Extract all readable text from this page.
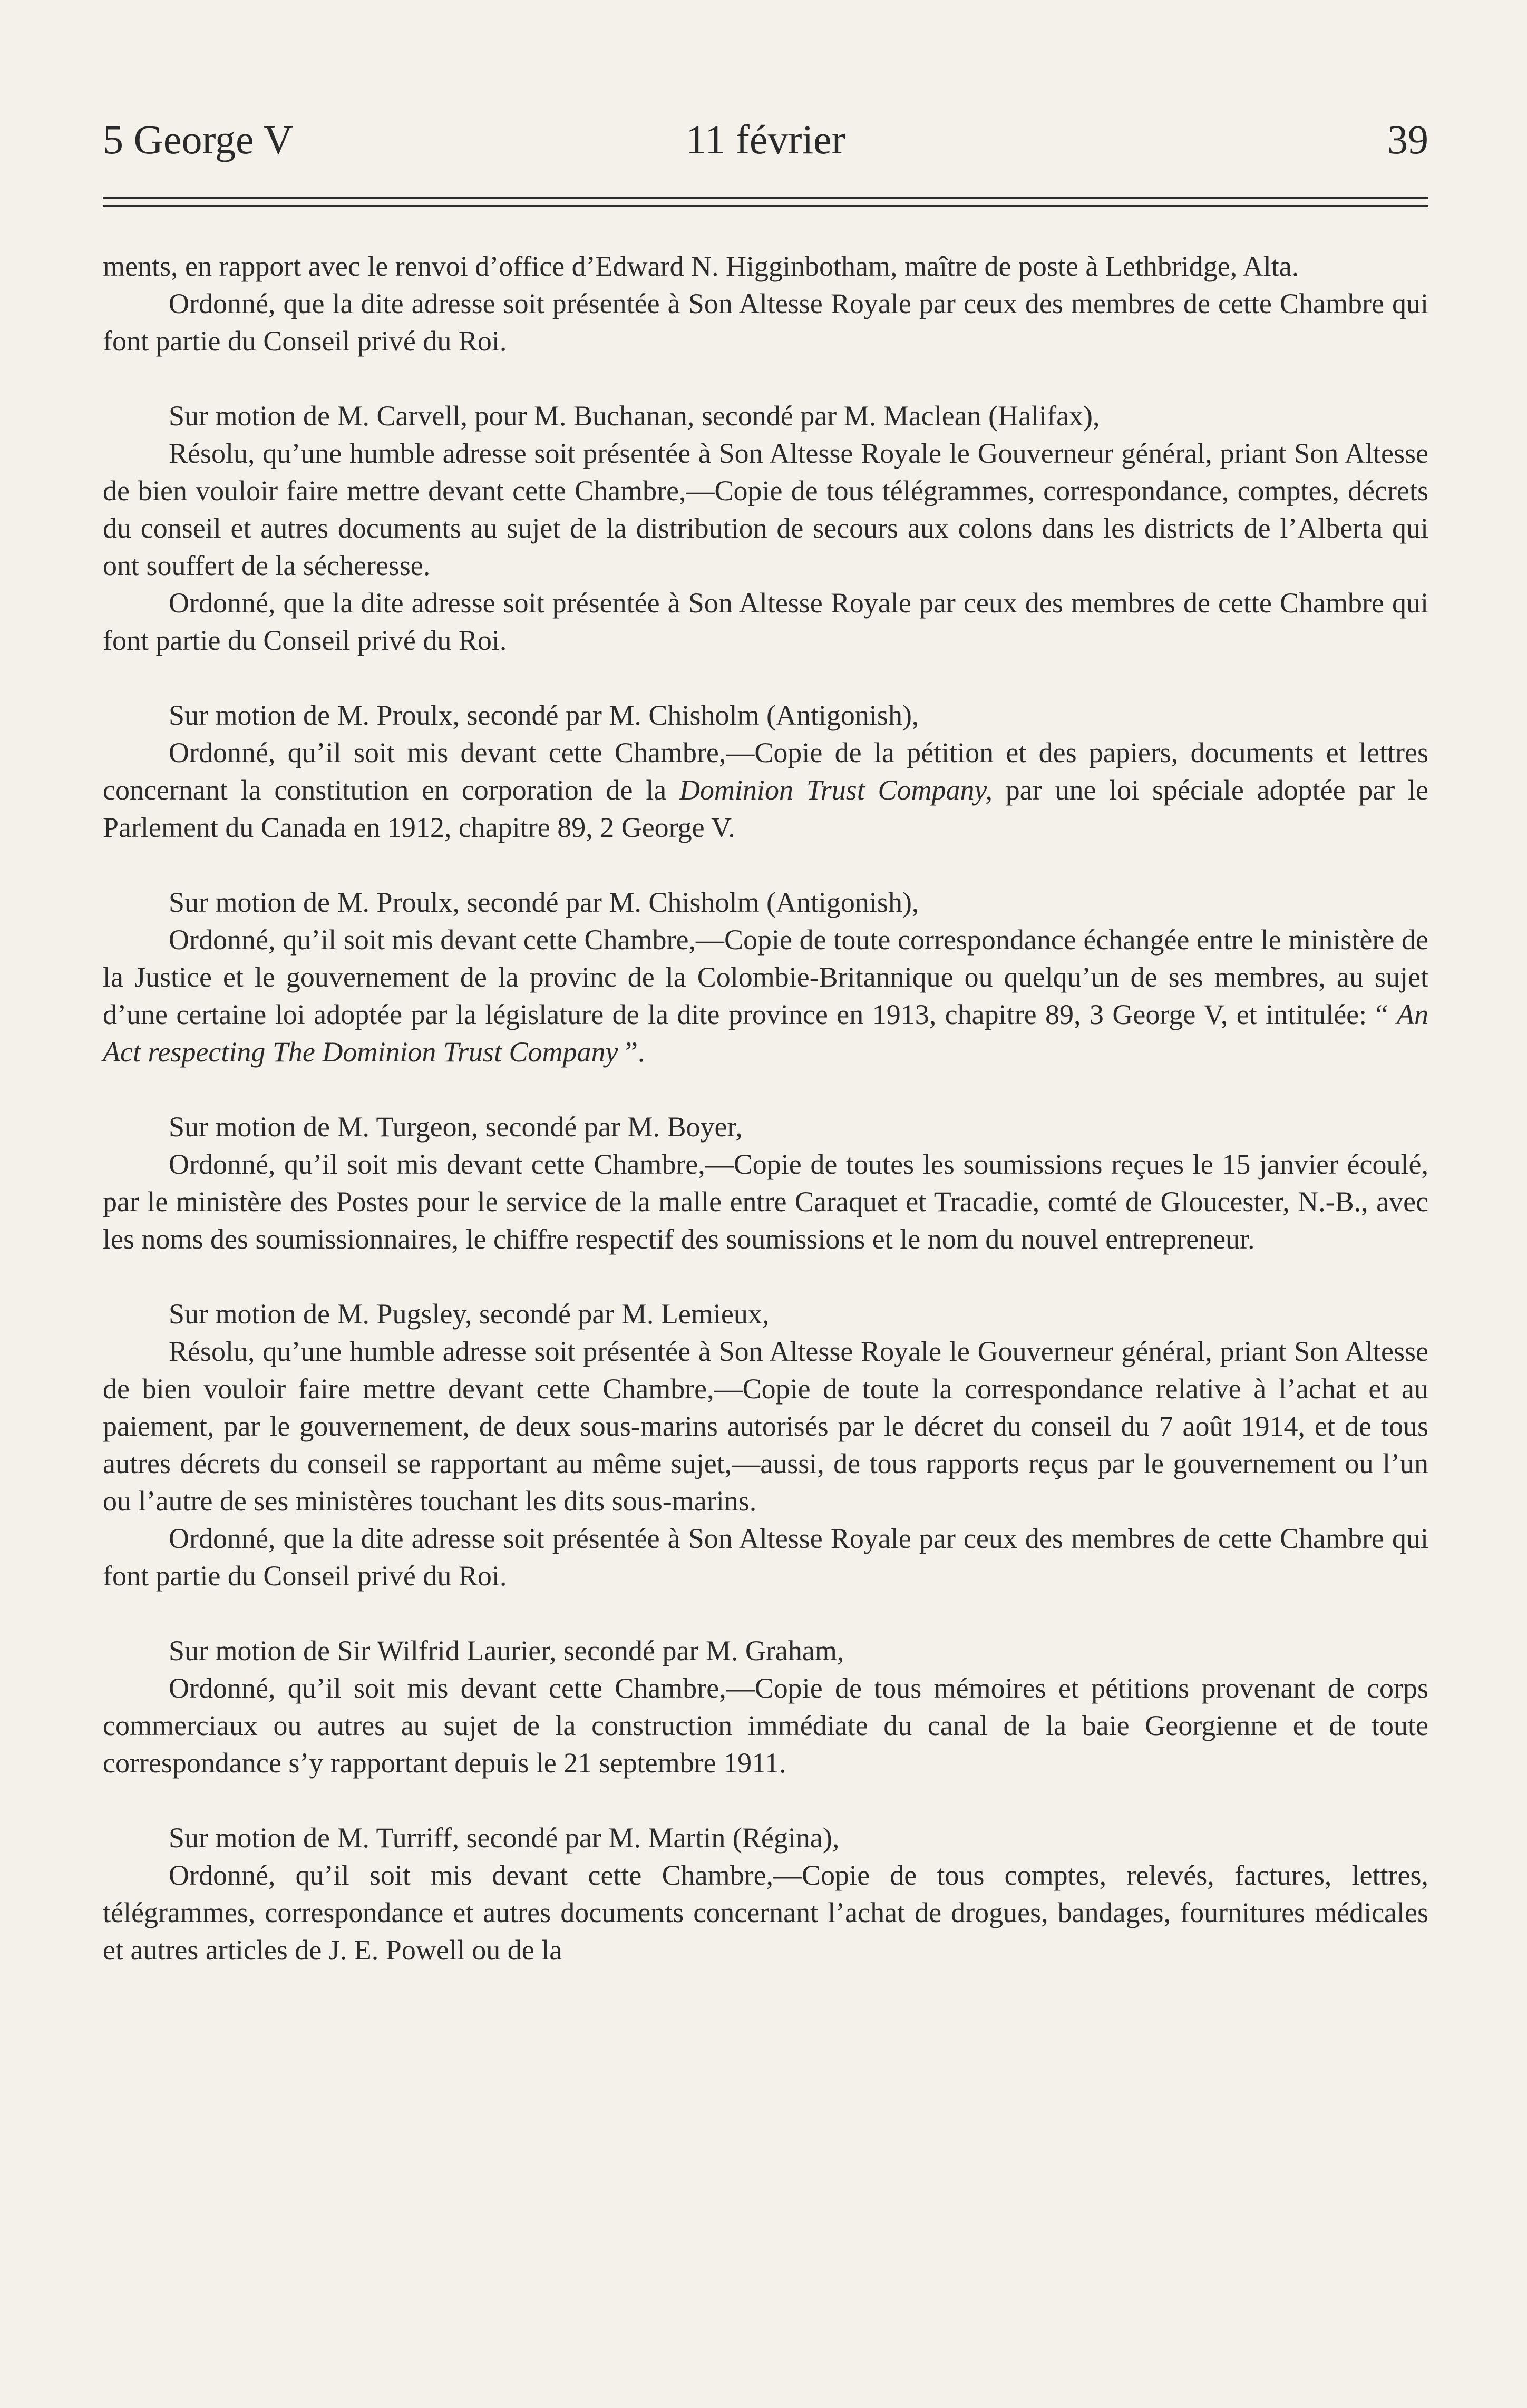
5 George V	11 février	39

ments, en rapport avec le renvoi d’office d’Edward N. Higginbotham, maître de poste à Lethbridge, Alta.

Ordonné, que la dite adresse soit présentée à Son Altesse Royale par ceux des membres de cette Chambre qui font partie du Conseil privé du Roi.

Sur motion de M. Carvell, pour M. Buchanan, secondé par M. Maclean (Halifax),

Résolu, qu’une humble adresse soit présentée à Son Altesse Royale le Gouverneur général, priant Son Altesse de bien vouloir faire mettre devant cette Chambre,—Copie de tous télégrammes, correspondance, comptes, décrets du conseil et autres documents au sujet de la distribution de secours aux colons dans les districts de l’Alberta qui ont souffert de la sécheresse.

Ordonné, que la dite adresse soit présentée à Son Altesse Royale par ceux des membres de cette Chambre qui font partie du Conseil privé du Roi.

Sur motion de M. Proulx, secondé par M. Chisholm (Antigonish),

Ordonné, qu’il soit mis devant cette Chambre,—Copie de la pétition et des papiers, documents et lettres concernant la constitution en corporation de la Dominion Trust Company, par une loi spéciale adoptée par le Parlement du Canada en 1912, chapitre 89, 2 George V.

Sur motion de M. Proulx, secondé par M. Chisholm (Antigonish),

Ordonné, qu’il soit mis devant cette Chambre,—Copie de toute correspondance échangée entre le ministère de la Justice et le gouvernement de la provinc de la Colombie-Britannique ou quelqu’un de ses membres, au sujet d’une certaine loi adoptée par la législature de la dite province en 1913, chapitre 89, 3 George V, et intitulée: “ An Act respecting The Dominion Trust Company ”.

Sur motion de M. Turgeon, secondé par M. Boyer,

Ordonné, qu’il soit mis devant cette Chambre,—Copie de toutes les soumissions reçues le 15 janvier écoulé, par le ministère des Postes pour le service de la malle entre Caraquet et Tracadie, comté de Gloucester, N.-B., avec les noms des soumissionnaires, le chiffre respectif des soumissions et le nom du nouvel entrepreneur.

Sur motion de M. Pugsley, secondé par M. Lemieux,

Résolu, qu’une humble adresse soit présentée à Son Altesse Royale le Gouverneur général, priant Son Altesse de bien vouloir faire mettre devant cette Chambre,—Copie de toute la correspondance relative à l’achat et au paiement, par le gouvernement, de deux sous-marins autorisés par le décret du conseil du 7 août 1914, et de tous autres décrets du conseil se rapportant au même sujet,—aussi, de tous rapports reçus par le gouvernement ou l’un ou l’autre de ses ministères touchant les dits sous-marins.

Ordonné, que la dite adresse soit présentée à Son Altesse Royale par ceux des membres de cette Chambre qui font partie du Conseil privé du Roi.

Sur motion de Sir Wilfrid Laurier, secondé par M. Graham,

Ordonné, qu’il soit mis devant cette Chambre,—Copie de tous mémoires et pétitions provenant de corps commerciaux ou autres au sujet de la construction immédiate du canal de la baie Georgienne et de toute correspondance s’y rapportant depuis le 21 septembre 1911.

Sur motion de M. Turriff, secondé par M. Martin (Régina),

Ordonné, qu’il soit mis devant cette Chambre,—Copie de tous comptes, relevés, factures, lettres, télégrammes, correspondance et autres documents concernant l’achat de drogues, bandages, fournitures médicales et autres articles de J. E. Powell ou de la
